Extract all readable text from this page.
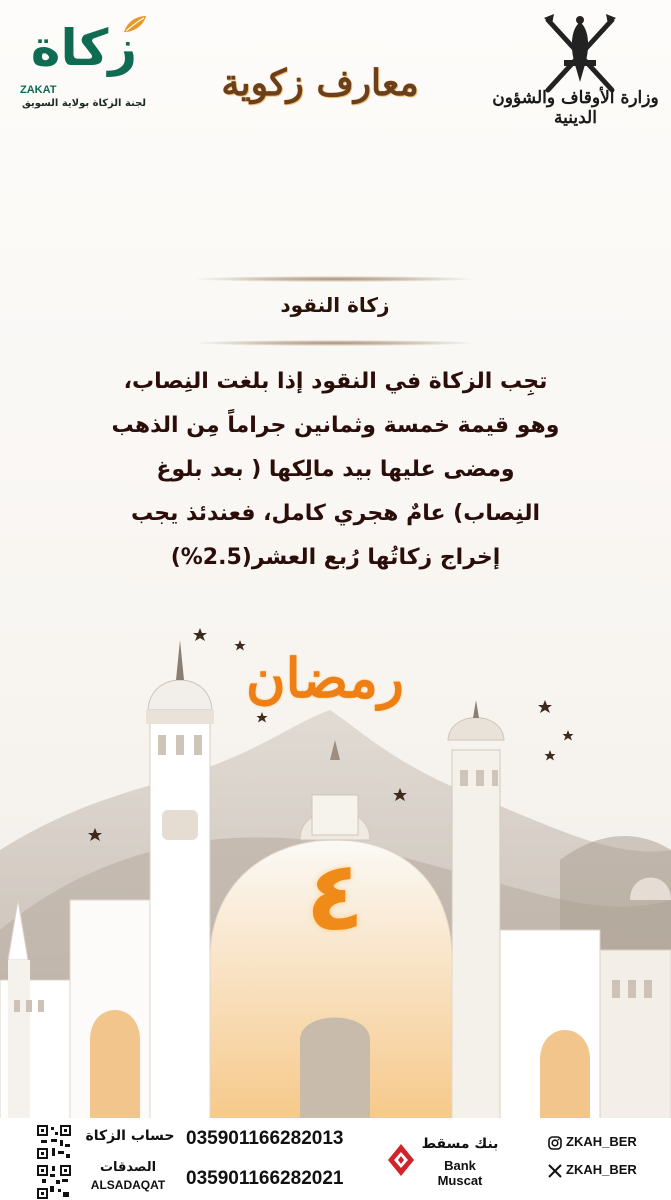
زكاة
ZAKAT
لجنة الزكاة بولاية السويق	معارف زكوية	وزارة الأوقاف والشؤون الدينية
زكاة النقود
تجِب الزكاة في النقود إذا بلغت النِصاب،
وهو قيمة خمسة وثمانين جراماً مِن الذهب
ومضى عليها بيد مالِكها ( بعد بلوغ
النِصاب) عامٌ هجري كامل، فعندئذ يجب
إخراج زكاتُها رُبع العشر(2.5%)
رمضان
٤
حساب الزكاة 035901166282013
الصدقات
ALSADAQAT	035901166282021
بنك مسقط
Bank Muscat
ZKAH_BER
ZKAH_BER
